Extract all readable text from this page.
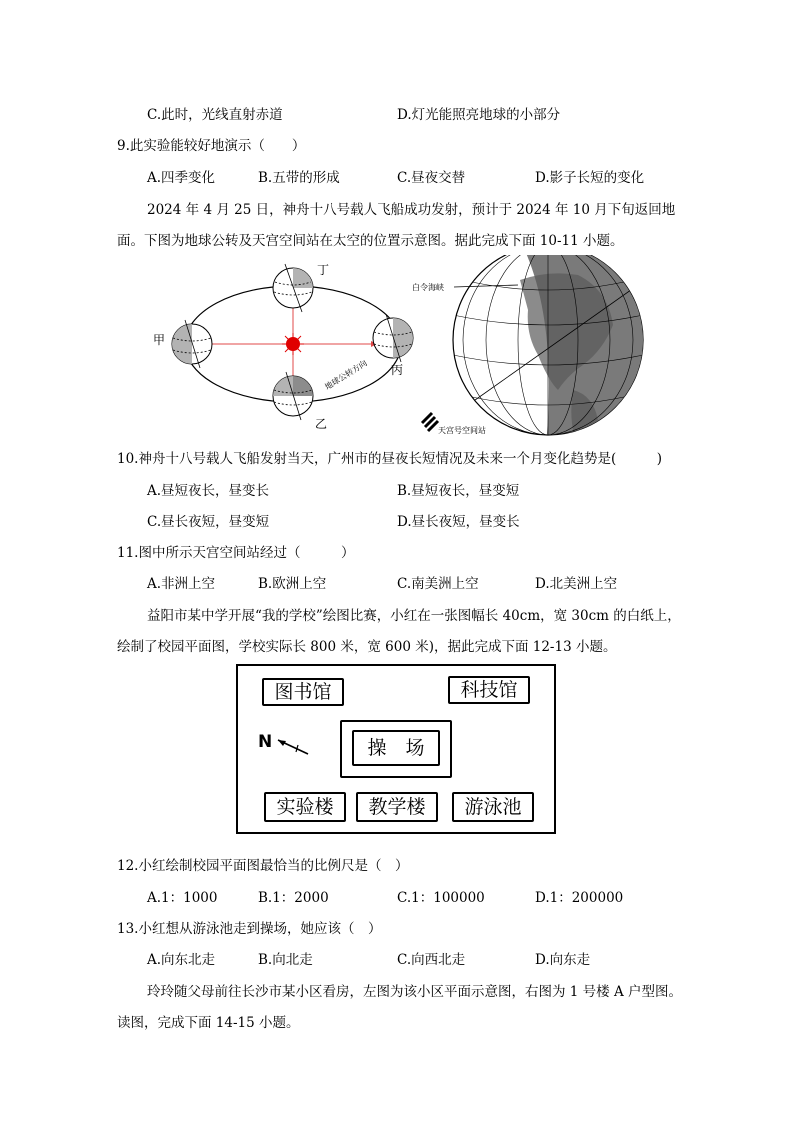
C.此时，光线直射赤道	D.灯光能照亮地球的小部分
9.此实验能较好地演示（　　）
A.四季变化	B.五带的形成	C.昼夜交替	D.影子长短的变化
2024 年 4 月 25 日，神舟十八号载人飞船成功发射，预计于 2024 年 10 月下旬返回地
面。下图为地球公转及天宫空间站在太空的位置示意图。据此完成下面 10-11 小题。
丁
甲
丙
乙
地球公转方向
白令海峡
天宫号空间站
10.神舟十八号载人飞船发射当天，广州市的昼夜长短情况及未来一个月变化趋势是(　　　)
A.昼短夜长，昼变长	B.昼短夜长，昼变短
C.昼长夜短，昼变短	D.昼长夜短，昼变长
11.图中所示天宫空间站经过（　　　）
A.非洲上空	B.欧洲上空	C.南美洲上空	D.北美洲上空
益阳市某中学开展“我的学校”绘图比赛，小红在一张图幅长 40cm，宽 30cm 的白纸上，
绘制了校园平面图，学校实际长 800 米，宽 600 米)，据此完成下面 12-13 小题。
图书馆	科技馆
操　场
N
实验楼	教学楼	游泳池
12.小红绘制校园平面图最恰当的比例尺是（　）
A.1：1000	B.1：2000	C.1：100000	D.1：200000
13.小红想从游泳池走到操场，她应该（　）
A.向东北走	B.向北走	C.向西北走	D.向东走
玲玲随父母前往长沙市某小区看房，左图为该小区平面示意图，右图为 1 号楼 A 户型图。
读图，完成下面 14-15 小题。
